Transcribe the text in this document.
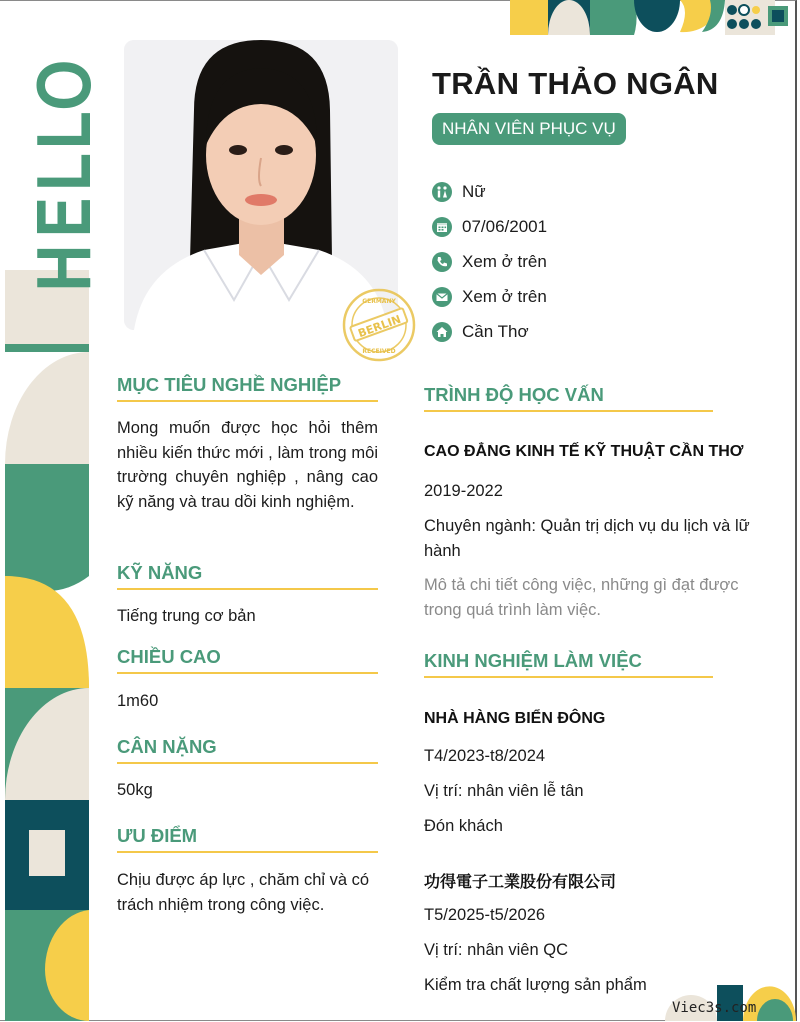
HELLO
BERLIN
GERMANY
RECEIVED
TRẦN THẢO NGÂN
NHÂN VIÊN PHỤC VỤ
Nữ
07/06/2001
Xem ở trên
Xem ở trên
Cần Thơ
MỤC TIÊU NGHỀ NGHIỆP
Mong muốn được học hỏi thêm nhiều kiến thức mới , làm trong môi trường chuyên nghiệp , nâng cao kỹ năng và trau dồi kinh nghiệm.
KỸ NĂNG
Tiếng trung cơ bản
CHIỀU CAO
1m60
CÂN NẶNG
50kg
ƯU ĐIỂM
Chịu được áp lực , chăm chỉ và có trách nhiệm trong công việc.
TRÌNH ĐỘ HỌC VẤN
CAO ĐẲNG KINH TẾ KỸ THUẬT CẦN THƠ
2019-2022
Chuyên ngành: Quản trị dịch vụ du lịch và lữ hành
Mô tả chi tiết công việc, những gì đạt được trong quá trình làm việc.
KINH NGHIỆM LÀM VIỆC
NHÀ HÀNG BIỂN ĐÔNG
T4/2023-t8/2024
Vị trí: nhân viên lễ tân
Đón khách
功得電子工業股份有限公司
T5/2025-t5/2026
Vị trí: nhân viên QC
Kiểm tra chất lượng sản phẩm
Viec3s.com
